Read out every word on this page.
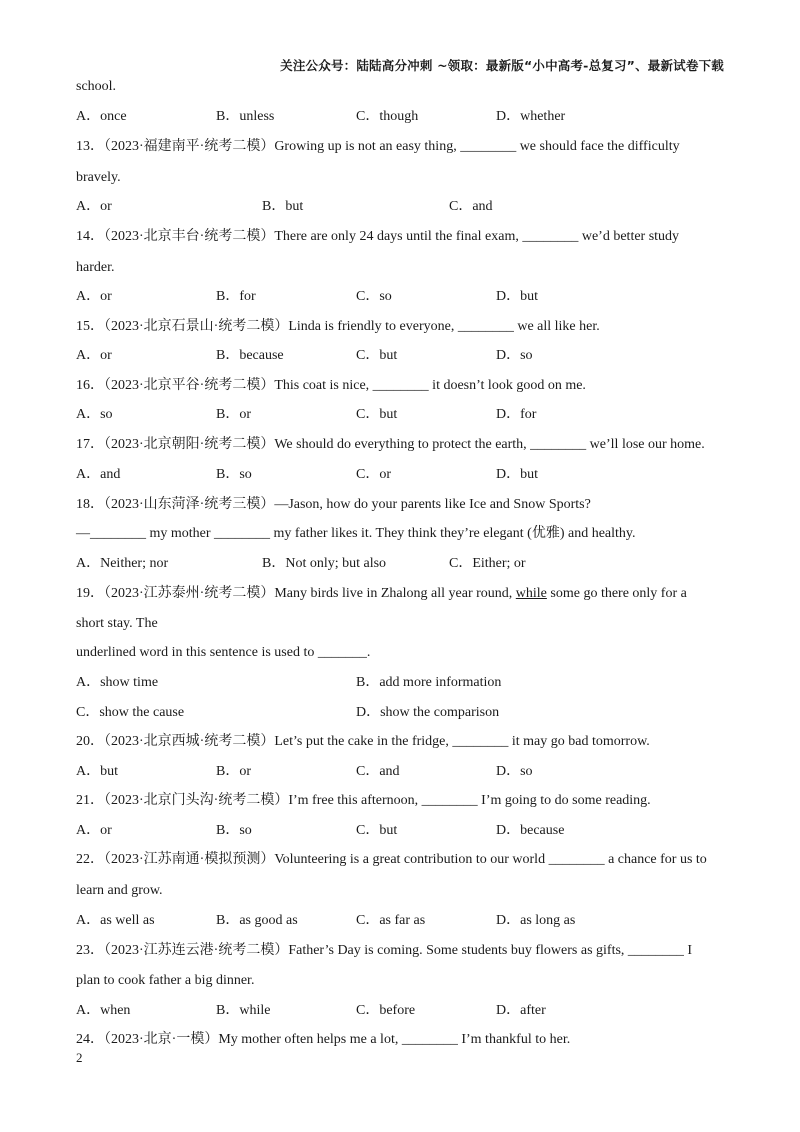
关注公众号：陆陆高分冲刺 ~领取：最新版“小中高考-总复习”、最新试卷下载
school.
A．once	B．unless	C．though	D．whether
13．（2023·福建南平·统考二模）Growing up is not an easy thing, ________ we should face the difficulty
bravely.
A．or	B．but	C．and
14．（2023·北京丰台·统考二模）There are only 24 days until the final exam, ________ we’d better study
harder.
A．or	B．for	C．so	D．but
15．（2023·北京石景山·统考二模）Linda is friendly to everyone, ________ we all like her.
A．or	B．because	C．but	D．so
16．（2023·北京平谷·统考二模）This coat is nice, ________ it doesn’t look good on me.
A．so	B．or	C．but	D．for
17．（2023·北京朝阳·统考二模）We should do everything to protect the earth, ________ we’ll lose our home.
A．and	B．so	C．or	D．but
18．（2023·山东菏泽·统考三模）—Jason, how do your parents like Ice and Snow Sports?
—________ my mother ________ my father likes it. They think they’re elegant (优雅) and healthy.
A．Neither; nor	B．Not only; but also	C．Either; or
19．（2023·江苏泰州·统考二模）Many birds live in Zhalong all year round, while some go there only for a
short stay. The
underlined word in this sentence is used to _______.
A．show time	B．add more information
C．show the cause	D．show the comparison
20．（2023·北京西城·统考二模）Let’s put the cake in the fridge, ________ it may go bad tomorrow.
A．but	B．or	C．and	D．so
21．（2023·北京门头沟·统考二模）I’m free this afternoon, ________ I’m going to do some reading.
A．or	B．so	C．but	D．because
22．（2023·江苏南通·模拟预测）Volunteering is a great contribution to our world ________ a chance for us to
learn and grow.
A．as well as	B．as good as	C．as far as	D．as long as
23．（2023·江苏连云港·统考二模）Father’s Day is coming. Some students buy flowers as gifts, ________ I
plan to cook father a big dinner.
A．when	B．while	C．before	D．after
24．（2023·北京·一模）My mother often helps me a lot, ________ I’m thankful to her.
2
